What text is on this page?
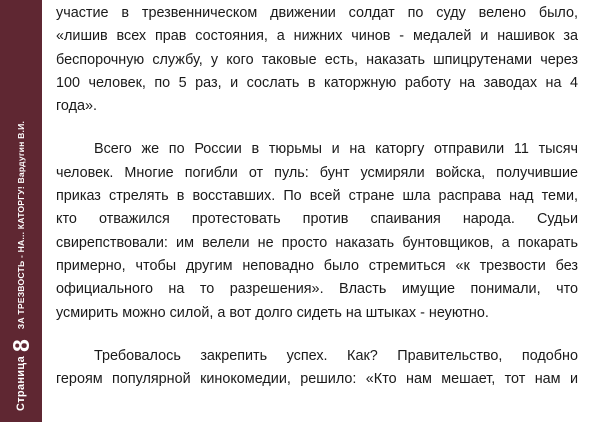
Страница
8
ЗА ТРЕЗВОСТЬ - НА... КАТОРГУ! Вардугин В.И.

участие в трезвенническом движении солдат по суду велено было,
«лишив всех прав состояния, а нижних чинов - медалей и нашивок за
беспорочную службу, у кого таковые есть, наказать шпицрутенами через
100 человек, по 5 раз, и сослать в каторжную работу на заводах на 4
года».

Всего же по России в тюрьмы и на каторгу отправили 11 тысяч
человек. Многие погибли от пуль: бунт усмиряли войска, получившие
приказ стрелять в восставших. По всей стране шла расправа над теми,
кто отважился протестовать против спаивания народа. Судьи
свирепствовали: им велели не просто наказать бунтовщиков, а покарать
примерно, чтобы другим неповадно было стремиться «к трезвости без
официального на то разрешения». Власть имущие понимали, что
усмирить можно силой, а вот долго сидеть на штыках - неуютно.

Требовалось закрепить успех. Как? Правительство, подобно
героям популярной кинокомедии, решило: «Кто нам мешает, тот нам и
